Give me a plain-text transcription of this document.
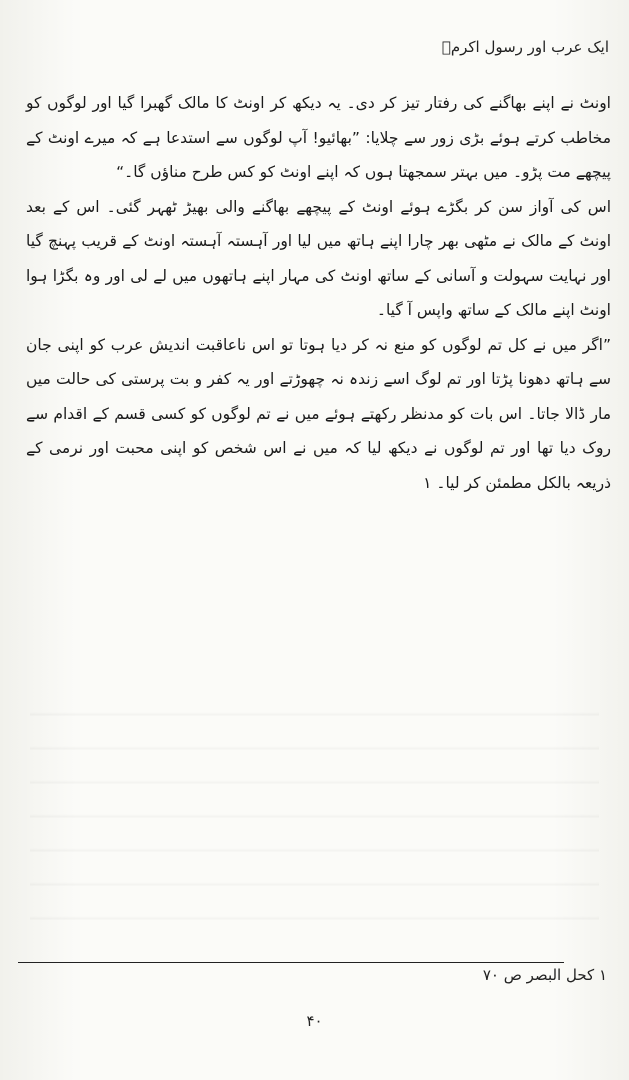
ایک عرب اور رسول اکرمؐ

اونٹ نے اپنے بھاگنے کی رفتار تیز کر دی۔ یہ دیکھ کر اونٹ کا مالک گھبرا گیا اور لوگوں کو مخاطب کرتے ہوئے بڑی زور سے چلایا: ”بھائیو! آپ لوگوں سے استدعا ہے کہ میرے اونٹ کے پیچھے مت پڑو۔ میں بہتر سمجھتا ہوں کہ اپنے اونٹ کو کس طرح مناؤں گا۔“

اس کی آواز سن کر بگڑے ہوئے اونٹ کے پیچھے بھاگنے والی بھیڑ ٹھہر گئی۔ اس کے بعد اونٹ کے مالک نے مٹھی بھر چارا اپنے ہاتھ میں لیا اور آہستہ آہستہ اونٹ کے قریب پہنچ گیا اور نہایت سہولت و آسانی کے ساتھ اونٹ کی مہار اپنے ہاتھوں میں لے لی اور وہ بگڑا ہوا اونٹ اپنے مالک کے ساتھ واپس آ گیا۔

”اگر میں نے کل تم لوگوں کو منع نہ کر دیا ہوتا تو اس ناعاقبت اندیش عرب کو اپنی جان سے ہاتھ دھونا پڑتا اور تم لوگ اسے زندہ نہ چھوڑتے اور یہ کفر و بت پرستی کی حالت میں مار ڈالا جاتا۔ اس بات کو مدنظر رکھتے ہوئے میں نے تم لوگوں کو کسی قسم کے اقدام سے روک دیا تھا اور تم لوگوں نے دیکھ لیا کہ میں نے اس شخص کو اپنی محبت اور نرمی کے ذریعہ بالکل مطمئن کر لیا۔ ۱

۱ کحل البصر ص ۷۰
۴۰
